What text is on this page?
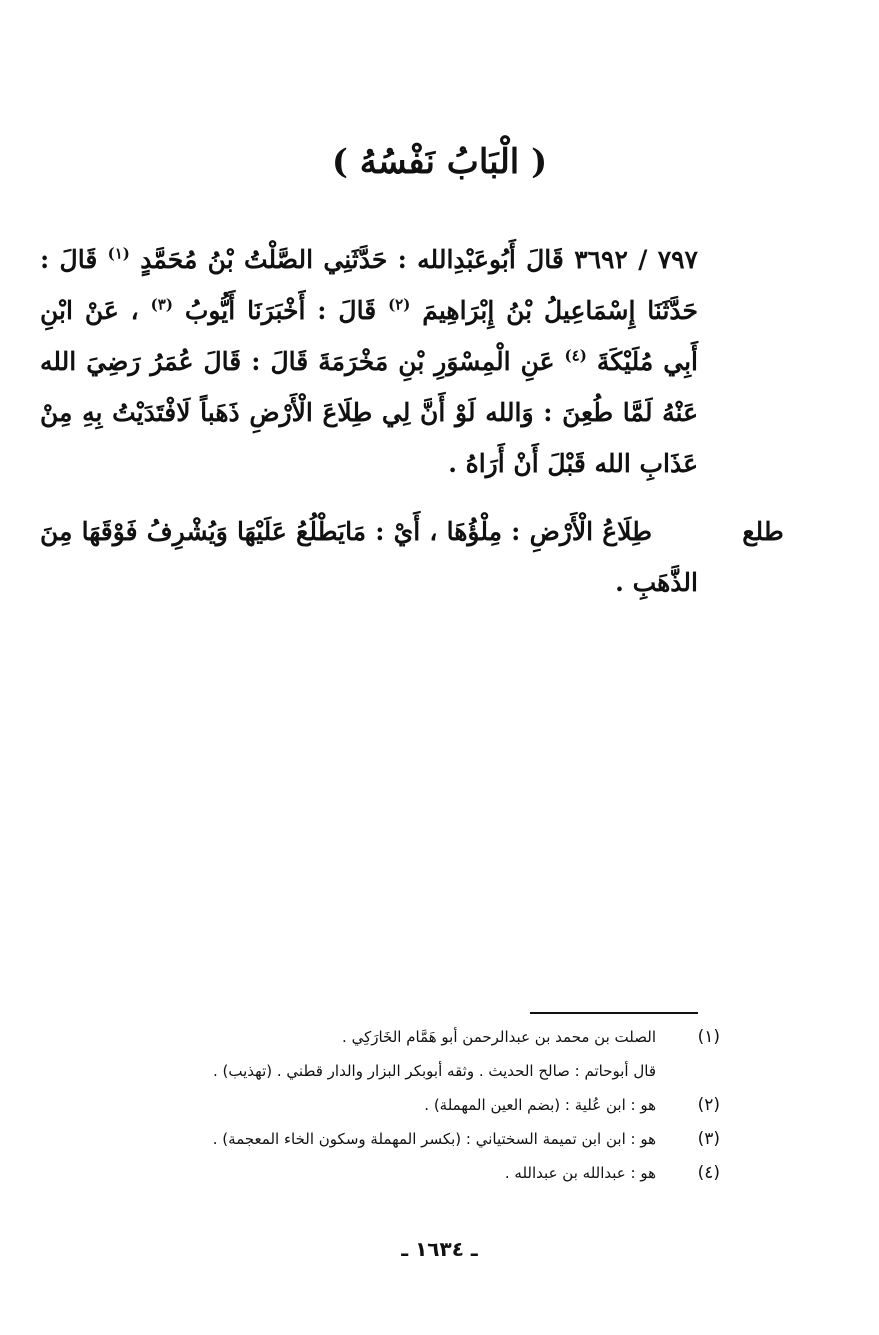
( الْبَابُ نَفْسُهُ )
٧٩٧ / ٣٦٩٢ قَالَ أَبُوعَبْدِالله : حَدَّثَنِي الصَّلْتُ بْنُ مُحَمَّدٍ $^{(١)}$ قَالَ : حَدَّثَنَا إِسْمَاعِيلُ بْنُ إِبْرَاهِيمَ $^{(٢)}$ قَالَ : أَخْبَرَنَا أَيُّوبُ $^{(٣)}$ ، عَنْ ابْنِ أَبِي مُلَيْكَةَ $^{(٤)}$ عَنِ الْمِسْوَرِ بْنِ مَخْرَمَةَ قَالَ : قَالَ عُمَرُ رَضِيَ الله عَنْهُ لَمَّا طُعِنَ : وَالله لَوْ أَنَّ لِي طِلَاعَ الْأَرْضِ ذَهَباً لَافْتَدَيْتُ بِهِ مِنْ عَذَابِ الله قَبْلَ أَنْ أَرَاهُ .
طلع
طِلَاعُ الْأَرْضِ : مِلْؤُهَا ، أَيْ : مَايَطْلُعُ عَلَيْهَا وَيُشْرِفُ فَوْقَهَا مِنَ الذَّهَبِ .
(١)
الصلت بن محمد بن عبدالرحمن أبو هَمَّام الخَارَكِي .
قال أبوحاتم : صالح الحديث . وثقه أبوبكر البزار والدار قطني . (تهذيب) .
(٢)
هو : ابن عُلية : (بضم العين المهملة) .
(٣)
هو : ابن ابن تميمة السختياني : (بكسر المهملة وسكون الخاء المعجمة) .
(٤)
هو : عبدالله بن عبدالله .
ـ ١٦٣٤ ـ
